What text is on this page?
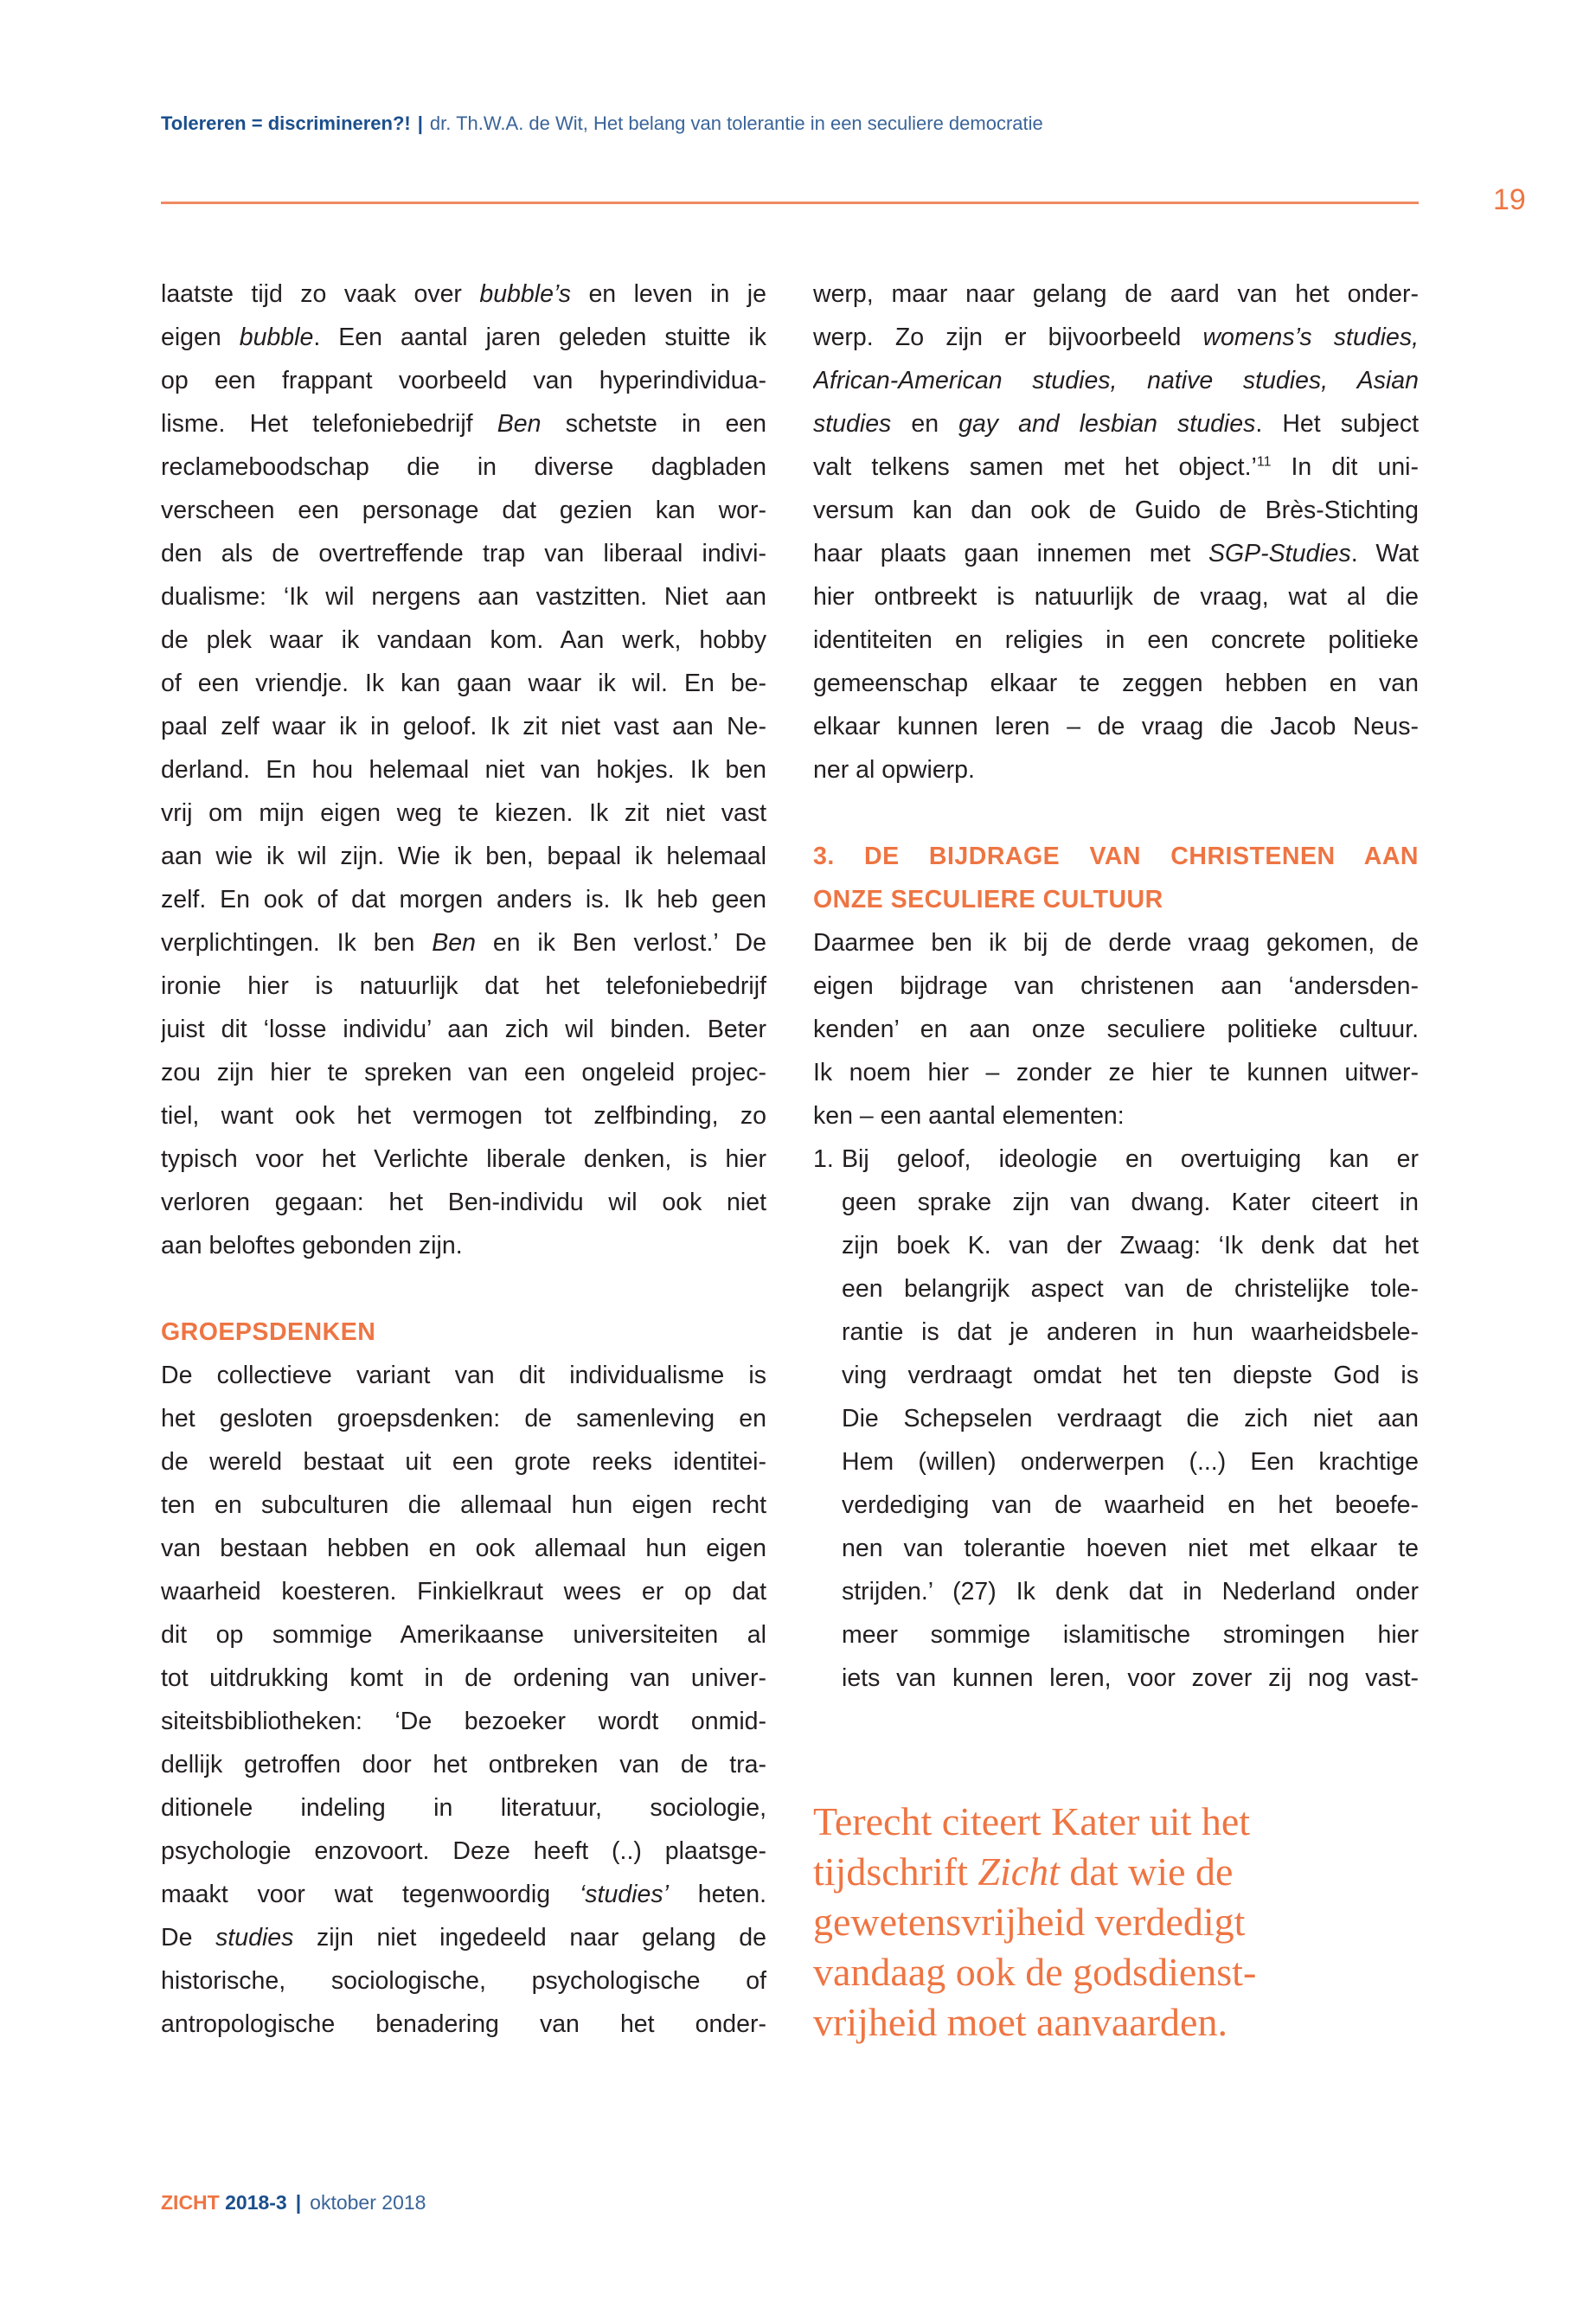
Tolereren = discrimineren?! | dr. Th.W.A. de Wit, Het belang van tolerantie in een seculiere democratie
19
laatste tijd zo vaak over bubble’s en leven in je
eigen bubble. Een aantal jaren geleden stuitte ik
op een frappant voorbeeld van hyperindividua-
lisme. Het telefoniebedrijf Ben schetste in een
reclameboodschap die in diverse dagbladen
verscheen een personage dat gezien kan wor-
den als de overtreffende trap van liberaal indivi-
dualisme: ‘Ik wil nergens aan vastzitten. Niet aan
de plek waar ik vandaan kom. Aan werk, hobby
of een vriendje. Ik kan gaan waar ik wil. En be-
paal zelf waar ik in geloof. Ik zit niet vast aan Ne-
derland. En hou helemaal niet van hokjes. Ik ben
vrij om mijn eigen weg te kiezen. Ik zit niet vast
aan wie ik wil zijn. Wie ik ben, bepaal ik helemaal
zelf. En ook of dat morgen anders is. Ik heb geen
verplichtingen. Ik ben Ben en ik Ben verlost.’ De
ironie hier is natuurlijk dat het telefoniebedrijf
juist dit ‘losse individu’ aan zich wil binden. Beter
zou zijn hier te spreken van een ongeleid projec-
tiel, want ook het vermogen tot zelfbinding, zo
typisch voor het Verlichte liberale denken, is hier
verloren gegaan: het Ben-individu wil ook niet
aan beloftes gebonden zijn.
GROEPSDENKEN
De collectieve variant van dit individualisme is
het gesloten groepsdenken: de samenleving en
de wereld bestaat uit een grote reeks identitei-
ten en subculturen die allemaal hun eigen recht
van bestaan hebben en ook allemaal hun eigen
waarheid koesteren. Finkielkraut wees er op dat
dit op sommige Amerikaanse universiteiten al
tot uitdrukking komt in de ordening van univer-
siteitsbibliotheken: ‘De bezoeker wordt onmid-
dellijk getroffen door het ontbreken van de tra-
ditionele indeling in literatuur, sociologie,
psychologie enzovoort. Deze heeft (..) plaatsge-
maakt voor wat tegenwoordig ‘studies’ heten.
De studies zijn niet ingedeeld naar gelang de
historische, sociologische, psychologische of
antropologische benadering van het onder-
werp, maar naar gelang de aard van het onder-
werp. Zo zijn er bijvoorbeeld womens’s studies,
African-American studies, native studies, Asian
studies en gay and lesbian studies. Het subject
valt telkens samen met het object.’$^{11}$ In dit uni-
versum kan dan ook de Guido de Brès-Stichting
haar plaats gaan innemen met SGP-Studies. Wat
hier ontbreekt is natuurlijk de vraag, wat al die
identiteiten en religies in een concrete politieke
gemeenschap elkaar te zeggen hebben en van
elkaar kunnen leren – de vraag die Jacob Neus-
ner al opwierp.
3. DE BIJDRAGE VAN CHRISTENEN AAN
ONZE SECULIERE CULTUUR
Daarmee ben ik bij de derde vraag gekomen, de
eigen bijdrage van christenen aan ‘andersden-
kenden’ en aan onze seculiere politieke cultuur.
Ik noem hier – zonder ze hier te kunnen uitwer-
ken – een aantal elementen:
1. Bij geloof, ideologie en overtuiging kan er
geen sprake zijn van dwang. Kater citeert in
zijn boek K. van der Zwaag: ‘Ik denk dat het
een belangrijk aspect van de christelijke tole-
rantie is dat je anderen in hun waarheidsbele-
ving verdraagt omdat het ten diepste God is
Die Schepselen verdraagt die zich niet aan
Hem (willen) onderwerpen (...) Een krachtige
verdediging van de waarheid en het beoefe-
nen van tolerantie hoeven niet met elkaar te
strijden.’ (27) Ik denk dat in Nederland onder
meer sommige islamitische stromingen hier
iets van kunnen leren, voor zover zij nog vast-
Terecht citeert Kater uit het
tijdschrift Zicht dat wie de
gewetensvrijheid verdedigt
vandaag ook de godsdienst-
vrijheid moet aanvaarden.
ZICHT 2018-3 | oktober 2018
